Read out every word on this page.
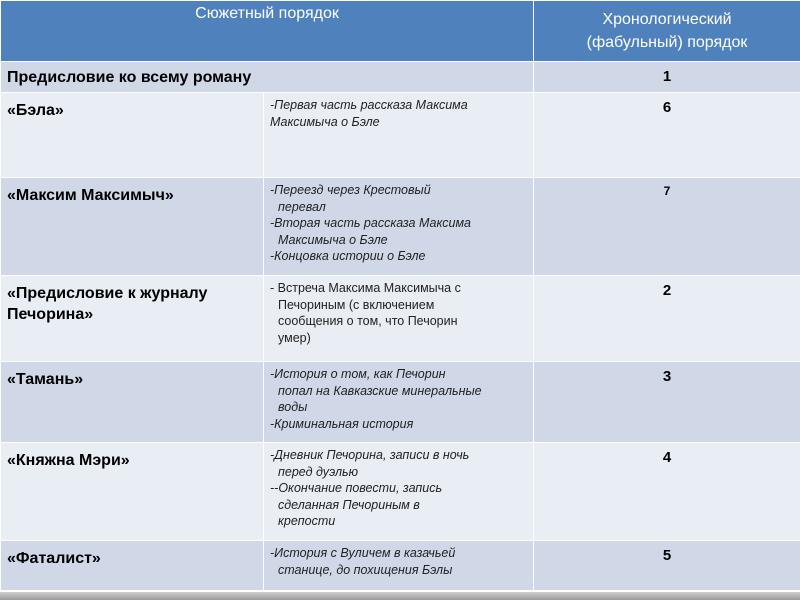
Сюжетный порядок		Хронологический
(фабульный) порядок

Предисловие ко всему роману		1
«Бэла»	-Первая часть рассказа Максима
Максимыча о Бэле	6
«Максим Максимыч»	-Переезд через Крестовый
перевал
-Вторая часть рассказа Максима
Максимыча о Бэле
-Концовка истории о Бэле	7

«Предисловие к журналу
Печорина»	- Встреча Максима Максимыча с
Печориным (с включением
сообщения о том, что Печорин
умер)	2
«Тамань»	-История о том, как Печорин
попал на Кавказские минеральные
воды
-Криминальная история	3
«Княжна Мэри»	-Дневник Печорина, записи в ночь
перед дуэлью
--Окончание повести, запись
сделанная Печориным в
крепости	4
«Фаталист»	-История с Вуличем в казачьей
станице, до похищения Бэлы	5
